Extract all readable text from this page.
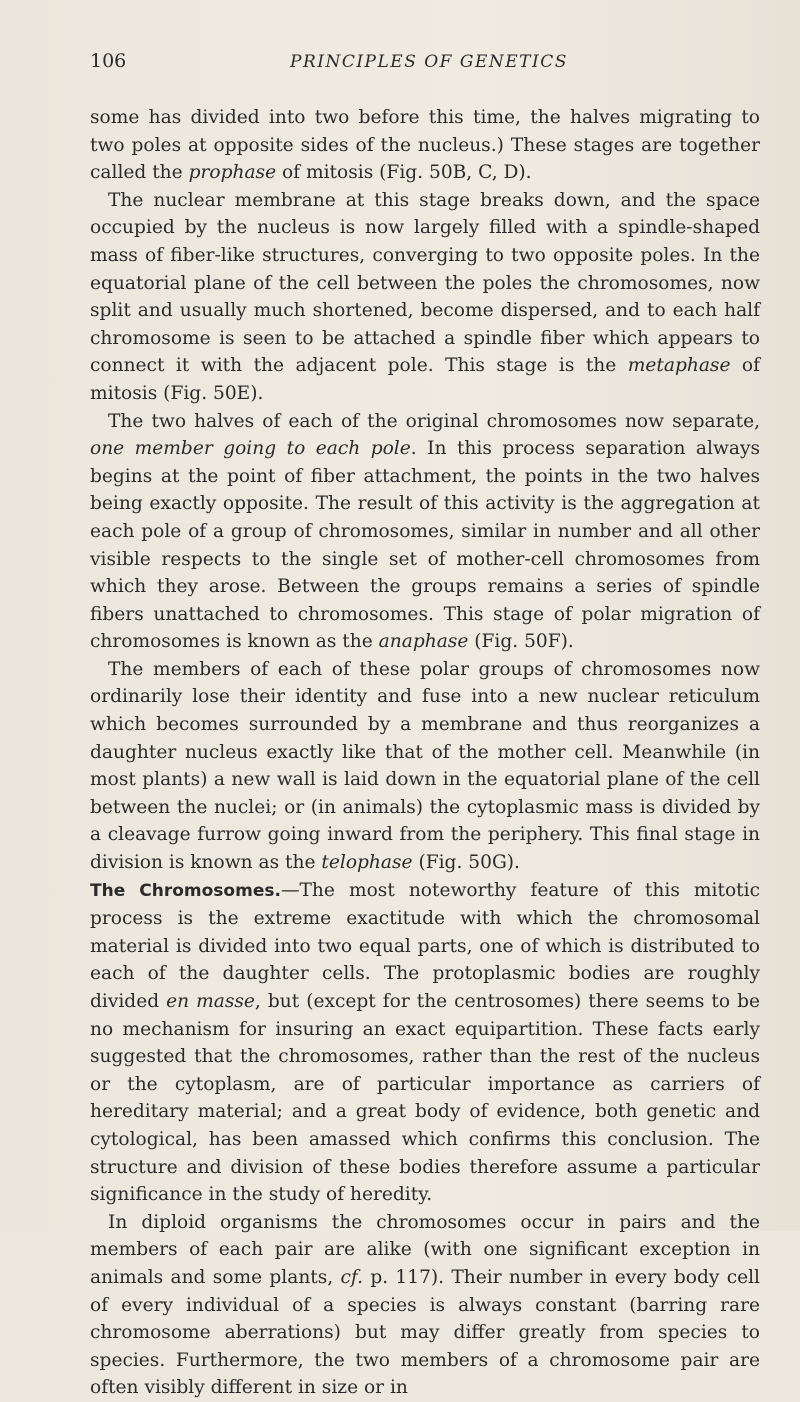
106	PRINCIPLES OF GENETICS

some has divided into two before this time, the halves migrating to two poles at opposite sides of the nucleus.) These stages are together called the prophase of mitosis (Fig. 50B, C, D).

The nuclear membrane at this stage breaks down, and the space occupied by the nucleus is now largely filled with a spindle-shaped mass of fiber-like structures, converging to two opposite poles. In the equatorial plane of the cell between the poles the chromosomes, now split and usually much shortened, become dispersed, and to each half chromosome is seen to be attached a spindle fiber which appears to connect it with the adjacent pole. This stage is the metaphase of mitosis (Fig. 50E).

The two halves of each of the original chromosomes now separate, one member going to each pole. In this process separation always begins at the point of fiber attachment, the points in the two halves being exactly opposite. The result of this activity is the aggregation at each pole of a group of chromosomes, similar in number and all other visible respects to the single set of mother-cell chromosomes from which they arose. Between the groups remains a series of spindle fibers unattached to chromosomes. This stage of polar migration of chromosomes is known as the anaphase (Fig. 50F).

The members of each of these polar groups of chromosomes now ordinarily lose their identity and fuse into a new nuclear reticulum which becomes surrounded by a membrane and thus reorganizes a daughter nucleus exactly like that of the mother cell. Meanwhile (in most plants) a new wall is laid down in the equatorial plane of the cell between the nuclei; or (in animals) the cytoplasmic mass is divided by a cleavage furrow going inward from the periphery. This final stage in division is known as the telophase (Fig. 50G).

The Chromosomes.—The most noteworthy feature of this mitotic process is the extreme exactitude with which the chromosomal material is divided into two equal parts, one of which is distributed to each of the daughter cells. The protoplasmic bodies are roughly divided en masse, but (except for the centrosomes) there seems to be no mechanism for insuring an exact equipartition. These facts early suggested that the chromosomes, rather than the rest of the nucleus or the cytoplasm, are of particular importance as carriers of hereditary material; and a great body of evidence, both genetic and cytological, has been amassed which confirms this conclusion. The structure and division of these bodies therefore assume a particular significance in the study of heredity.

In diploid organisms the chromosomes occur in pairs and the members of each pair are alike (with one significant exception in animals and some plants, cf. p. 117). Their number in every body cell of every individual of a species is always constant (barring rare chromosome aberrations) but may differ greatly from species to species. Furthermore, the two members of a chromosome pair are often visibly different in size or in
